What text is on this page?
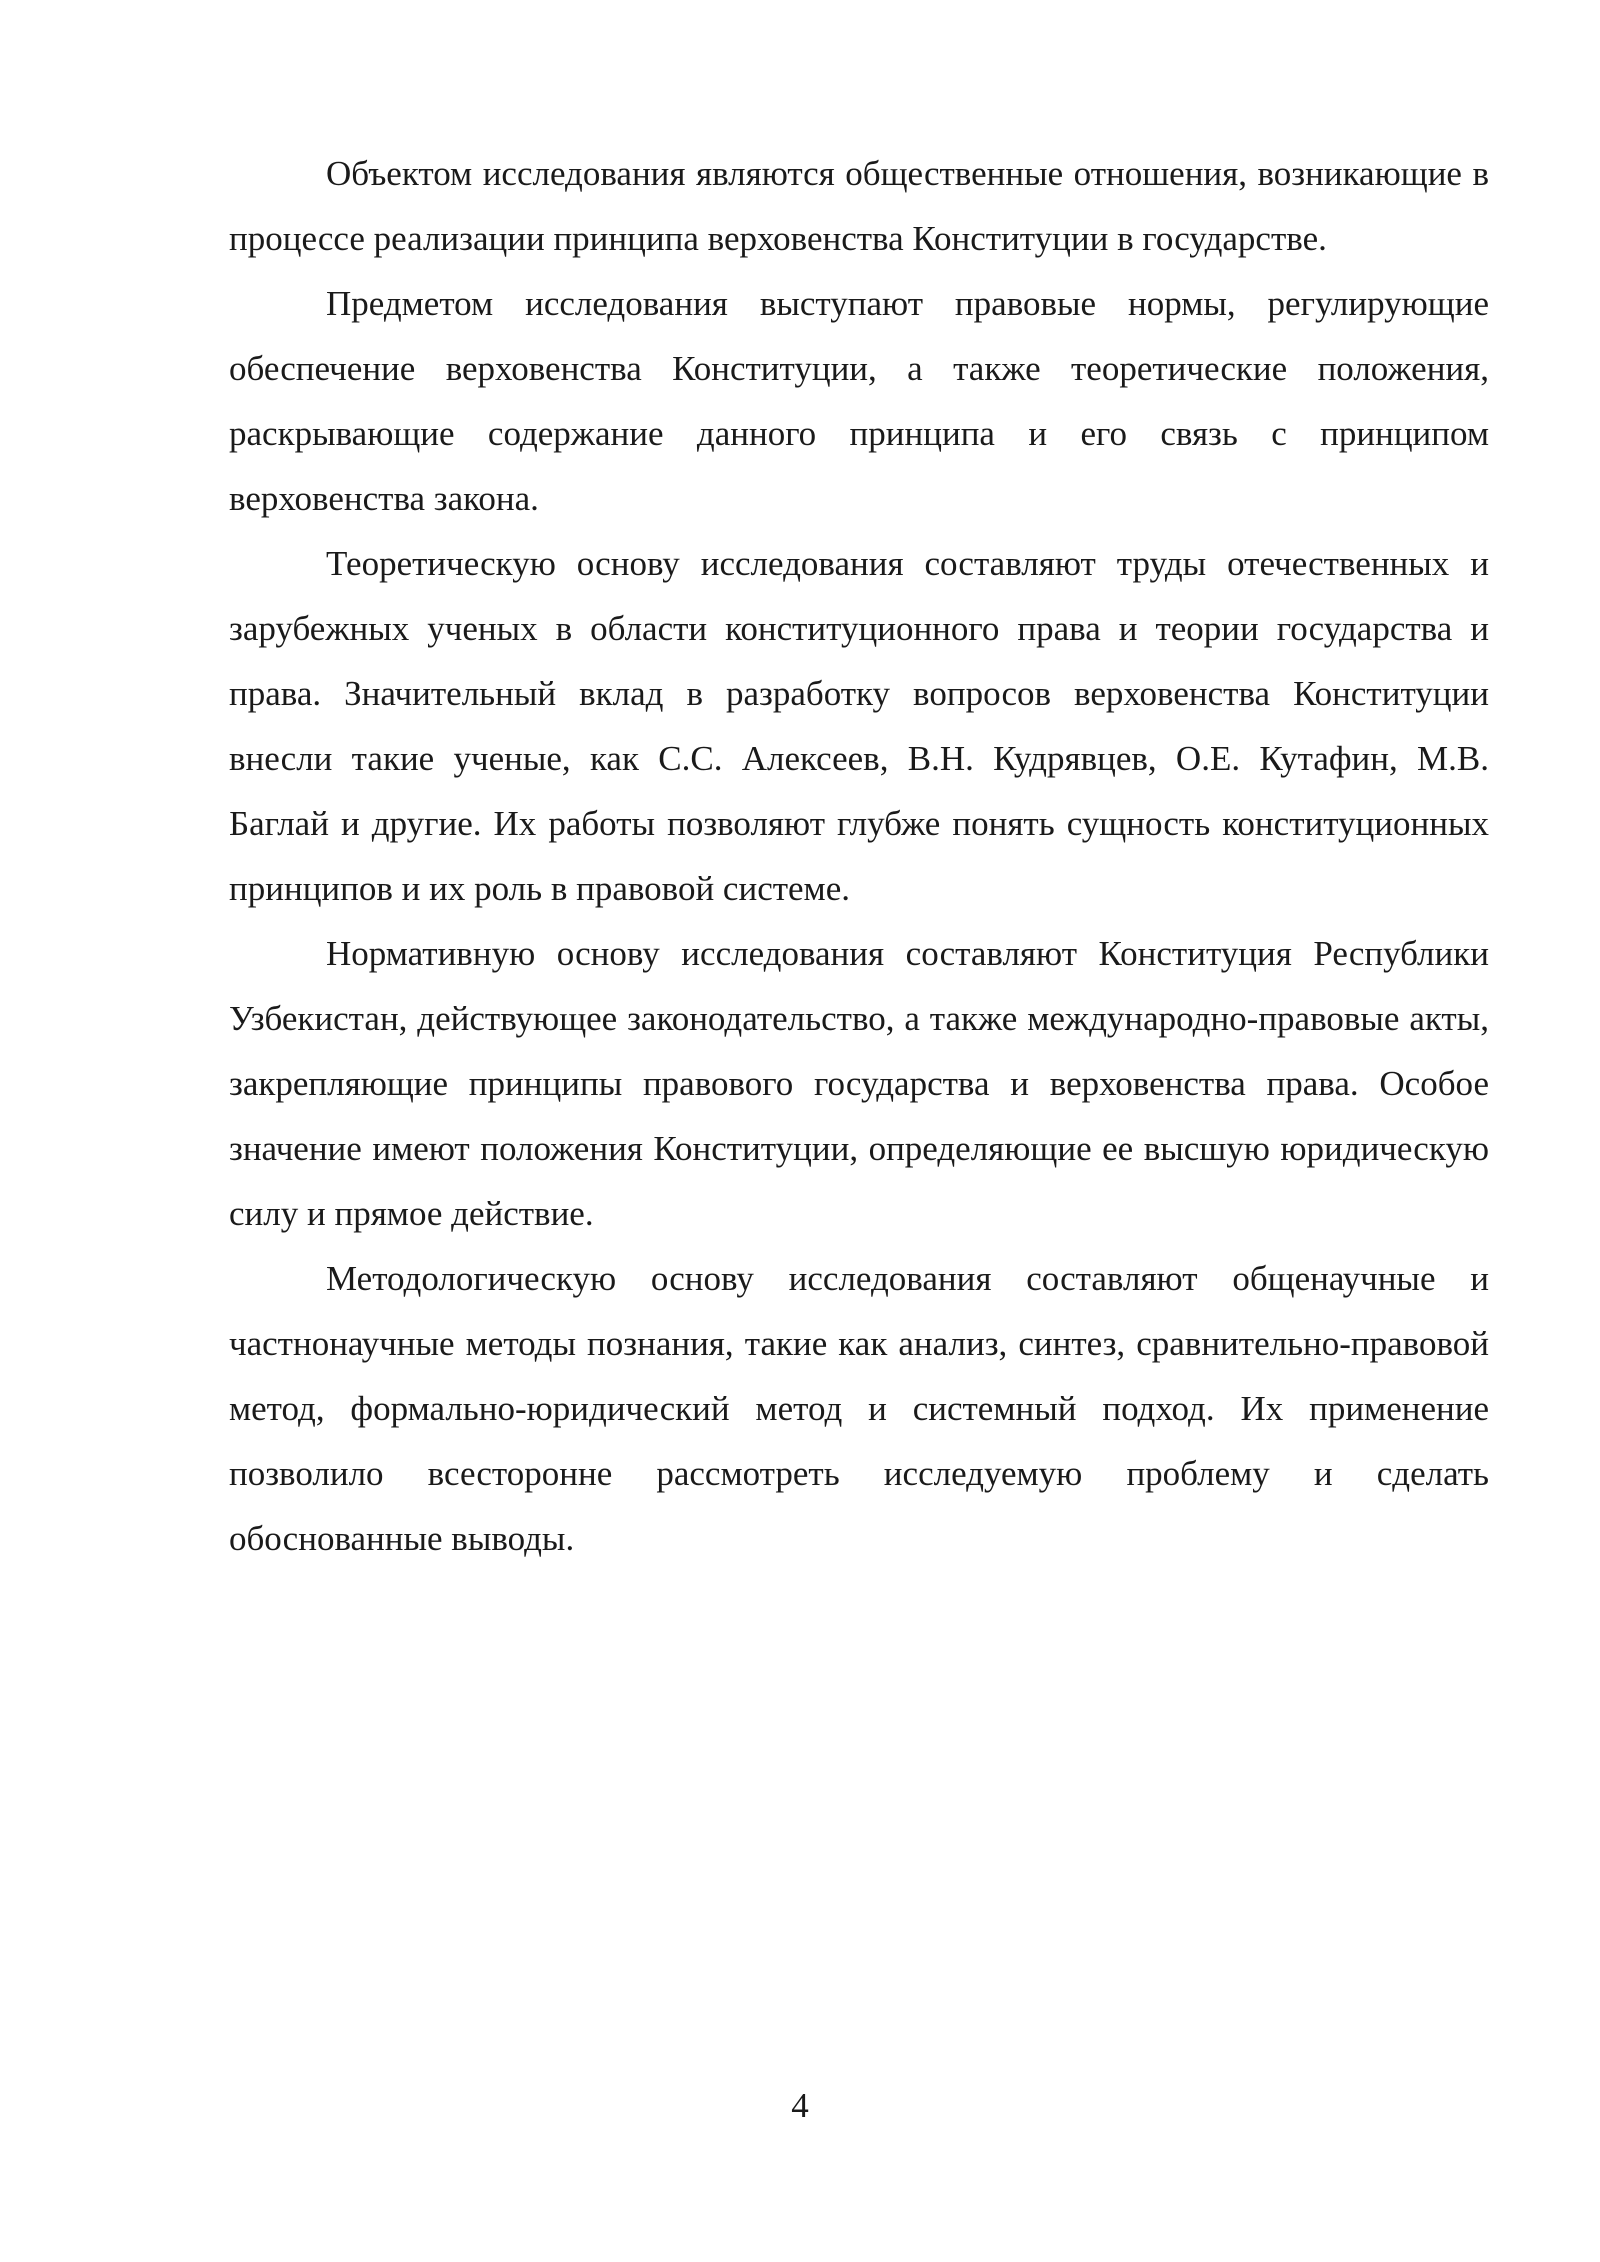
Объектом исследования являются общественные отношения, возникающие в процессе реализации принципа верховенства Конституции в государстве.

Предметом исследования выступают правовые нормы, регулирующие обеспечение верховенства Конституции, а также теоретические положения, раскрывающие содержание данного принципа и его связь с принципом верховенства закона.

Теоретическую основу исследования составляют труды отечественных и зарубежных ученых в области конституционного права и теории государства и права. Значительный вклад в разработку вопросов верховенства Конституции внесли такие ученые, как С.С. Алексеев, В.Н. Кудрявцев, О.Е. Кутафин, М.В. Баглай и другие. Их работы позволяют глубже понять сущность конституционных принципов и их роль в правовой системе.

Нормативную основу исследования составляют Конституция Республики Узбекистан, действующее законодательство, а также международно-правовые акты, закрепляющие принципы правового государства и верховенства права. Особое значение имеют положения Конституции, определяющие ее высшую юридическую силу и прямое действие.

Методологическую основу исследования составляют общенаучные и частнонаучные методы познания, такие как анализ, синтез, сравнительно-правовой метод, формально-юридический метод и системный подход. Их применение позволило всесторонне рассмотреть исследуемую проблему и сделать обоснованные выводы.

4
